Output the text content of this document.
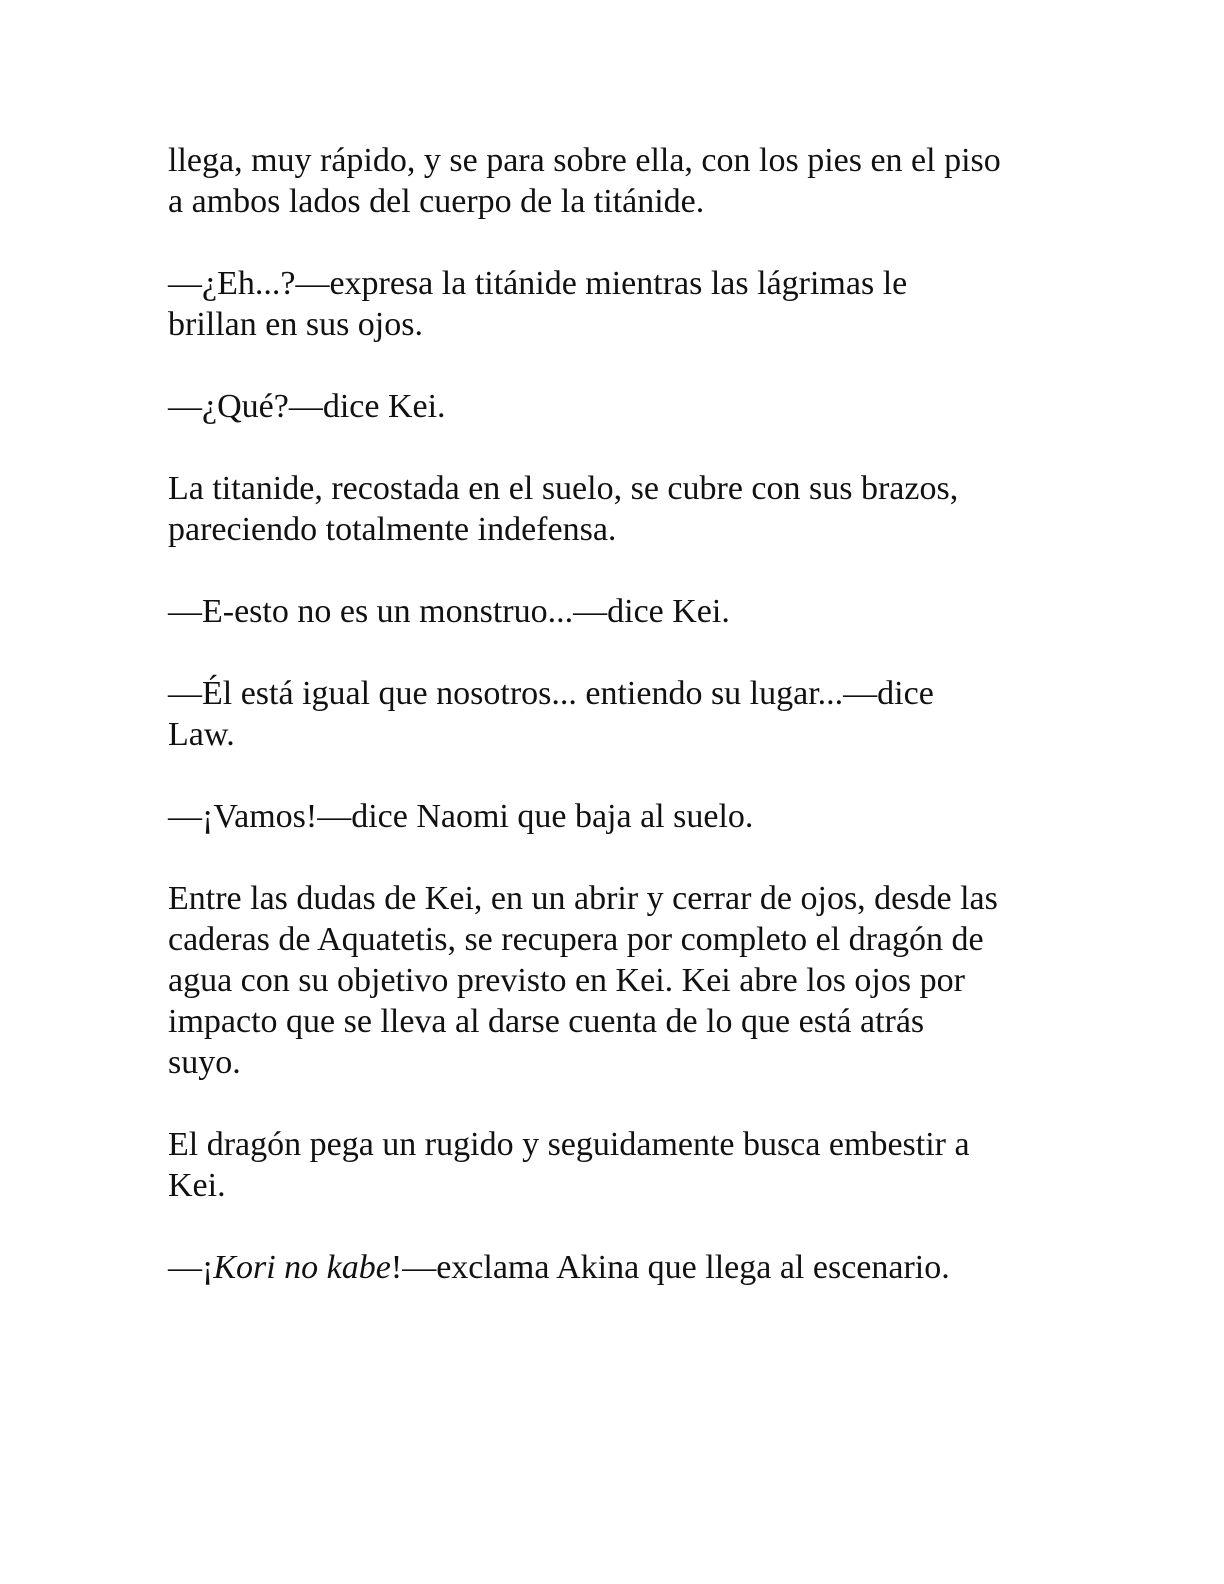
llega, muy rápido, y se para sobre ella, con los pies en el piso
a ambos lados del cuerpo de la titánide.

—¿Eh...?—expresa la titánide mientras las lágrimas le
brillan en sus ojos.

—¿Qué?—dice Kei.

La titanide, recostada en el suelo, se cubre con sus brazos,
pareciendo totalmente indefensa.

—E-esto no es un monstruo...—dice Kei.

—Él está igual que nosotros... entiendo su lugar...—dice
Law.

—¡Vamos!—dice Naomi que baja al suelo.

Entre las dudas de Kei, en un abrir y cerrar de ojos, desde las
caderas de Aquatetis, se recupera por completo el dragón de
agua con su objetivo previsto en Kei. Kei abre los ojos por
impacto que se lleva al darse cuenta de lo que está atrás
suyo.

El dragón pega un rugido y seguidamente busca embestir a
Kei.

—¡Kori no kabe!—exclama Akina que llega al escenario.
